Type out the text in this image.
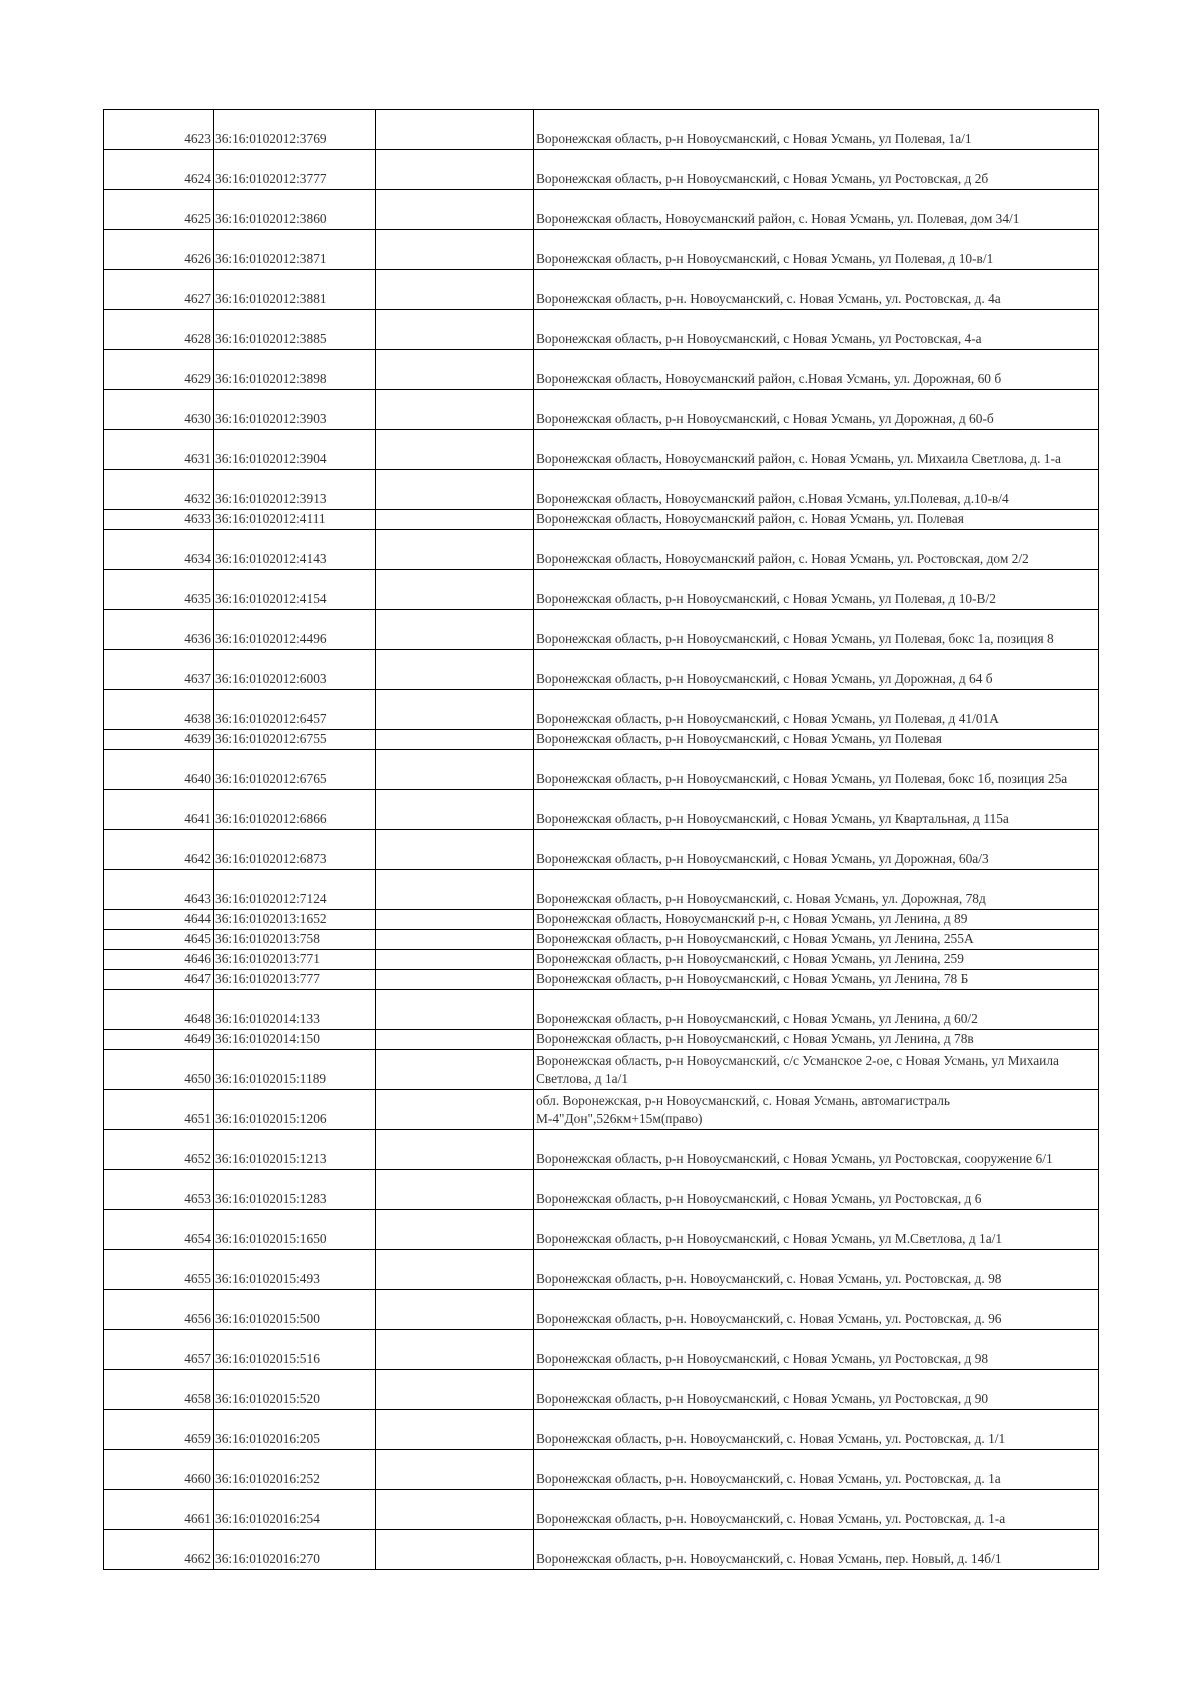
4623	36:16:0102012:3769		Воронежская область, р-н Новоусманский, с Новая Усмань, ул Полевая, 1а/1
4624	36:16:0102012:3777		Воронежская область, р-н Новоусманский, с Новая Усмань, ул Ростовская, д 2б
4625	36:16:0102012:3860		Воронежская область, Новоусманский район, с. Новая Усмань, ул. Полевая, дом 34/1
4626	36:16:0102012:3871		Воронежская область, р-н Новоусманский, с Новая Усмань, ул Полевая, д 10-в/1
4627	36:16:0102012:3881		Воронежская область, р-н. Новоусманский, с. Новая Усмань, ул. Ростовская, д. 4а
4628	36:16:0102012:3885		Воронежская область, р-н Новоусманский, с Новая Усмань, ул Ростовская, 4-а
4629	36:16:0102012:3898		Воронежская область, Новоусманский район, с.Новая Усмань, ул. Дорожная, 60 б
4630	36:16:0102012:3903		Воронежская область, р-н Новоусманский, с Новая Усмань, ул Дорожная, д 60-б
4631	36:16:0102012:3904		Воронежская область, Новоусманский район, с. Новая Усмань, ул. Михаила Светлова, д. 1-а
4632	36:16:0102012:3913		Воронежская область, Новоусманский район, с.Новая Усмань, ул.Полевая, д.10-в/4
4633	36:16:0102012:4111		Воронежская область, Новоусманский район, с. Новая Усмань, ул. Полевая
4634	36:16:0102012:4143		Воронежская область, Новоусманский район, с. Новая Усмань, ул. Ростовская, дом 2/2
4635	36:16:0102012:4154		Воронежская область, р-н Новоусманский, с Новая Усмань, ул Полевая, д 10-В/2
4636	36:16:0102012:4496		Воронежская область, р-н Новоусманский, с Новая Усмань, ул Полевая, бокс 1а, позиция 8
4637	36:16:0102012:6003		Воронежская область, р-н Новоусманский, с Новая Усмань, ул Дорожная, д 64 б
4638	36:16:0102012:6457		Воронежская область, р-н Новоусманский, с Новая Усмань, ул Полевая, д 41/01А
4639	36:16:0102012:6755		Воронежская область, р-н Новоусманский, с Новая Усмань, ул Полевая
4640	36:16:0102012:6765		Воронежская область, р-н Новоусманский, с Новая Усмань, ул Полевая, бокс 1б, позиция 25а
4641	36:16:0102012:6866		Воронежская область, р-н Новоусманский, с Новая Усмань, ул Квартальная, д 115а
4642	36:16:0102012:6873		Воронежская область, р-н Новоусманский, с Новая Усмань, ул Дорожная, 60а/3
4643	36:16:0102012:7124		Воронежская область, р-н Новоусманский, с. Новая Усмань, ул. Дорожная, 78д
4644	36:16:0102013:1652		Воронежская область, Новоусманский р-н, с Новая Усмань, ул Ленина, д 89
4645	36:16:0102013:758		Воронежская область, р-н Новоусманский, с Новая Усмань, ул Ленина, 255А
4646	36:16:0102013:771		Воронежская область, р-н Новоусманский, с Новая Усмань, ул Ленина, 259
4647	36:16:0102013:777		Воронежская область, р-н Новоусманский, с Новая Усмань, ул Ленина, 78 Б
4648	36:16:0102014:133		Воронежская область, р-н Новоусманский, с Новая Усмань, ул Ленина, д 60/2
4649	36:16:0102014:150		Воронежская область, р-н Новоусманский, с Новая Усмань, ул Ленина, д 78в
4650	36:16:0102015:1189		Воронежская область, р-н Новоусманский, с/с Усманское 2-ое, с Новая Усмань, ул Михаила Светлова, д 1а/1
4651	36:16:0102015:1206		обл. Воронежская, р-н Новоусманский, с. Новая Усмань, автомагистраль М-4"Дон",526км+15м(право)
4652	36:16:0102015:1213		Воронежская область, р-н Новоусманский, с Новая Усмань, ул Ростовская, сооружение 6/1
4653	36:16:0102015:1283		Воронежская область, р-н Новоусманский, с Новая Усмань, ул Ростовская, д 6
4654	36:16:0102015:1650		Воронежская область, р-н Новоусманский, с Новая Усмань, ул М.Светлова, д 1а/1
4655	36:16:0102015:493		Воронежская область, р-н. Новоусманский, с. Новая Усмань, ул. Ростовская, д. 98
4656	36:16:0102015:500		Воронежская область, р-н. Новоусманский, с. Новая Усмань, ул. Ростовская, д. 96
4657	36:16:0102015:516		Воронежская область, р-н Новоусманский, с Новая Усмань, ул Ростовская, д 98
4658	36:16:0102015:520		Воронежская область, р-н Новоусманский, с Новая Усмань, ул Ростовская, д 90
4659	36:16:0102016:205		Воронежская область, р-н. Новоусманский, с. Новая Усмань, ул. Ростовская, д. 1/1
4660	36:16:0102016:252		Воронежская область, р-н. Новоусманский, с. Новая Усмань, ул. Ростовская, д. 1а
4661	36:16:0102016:254		Воронежская область, р-н. Новоусманский, с. Новая Усмань, ул. Ростовская, д. 1-а
4662	36:16:0102016:270		Воронежская область, р-н. Новоусманский, с. Новая Усмань, пер. Новый, д. 14б/1
